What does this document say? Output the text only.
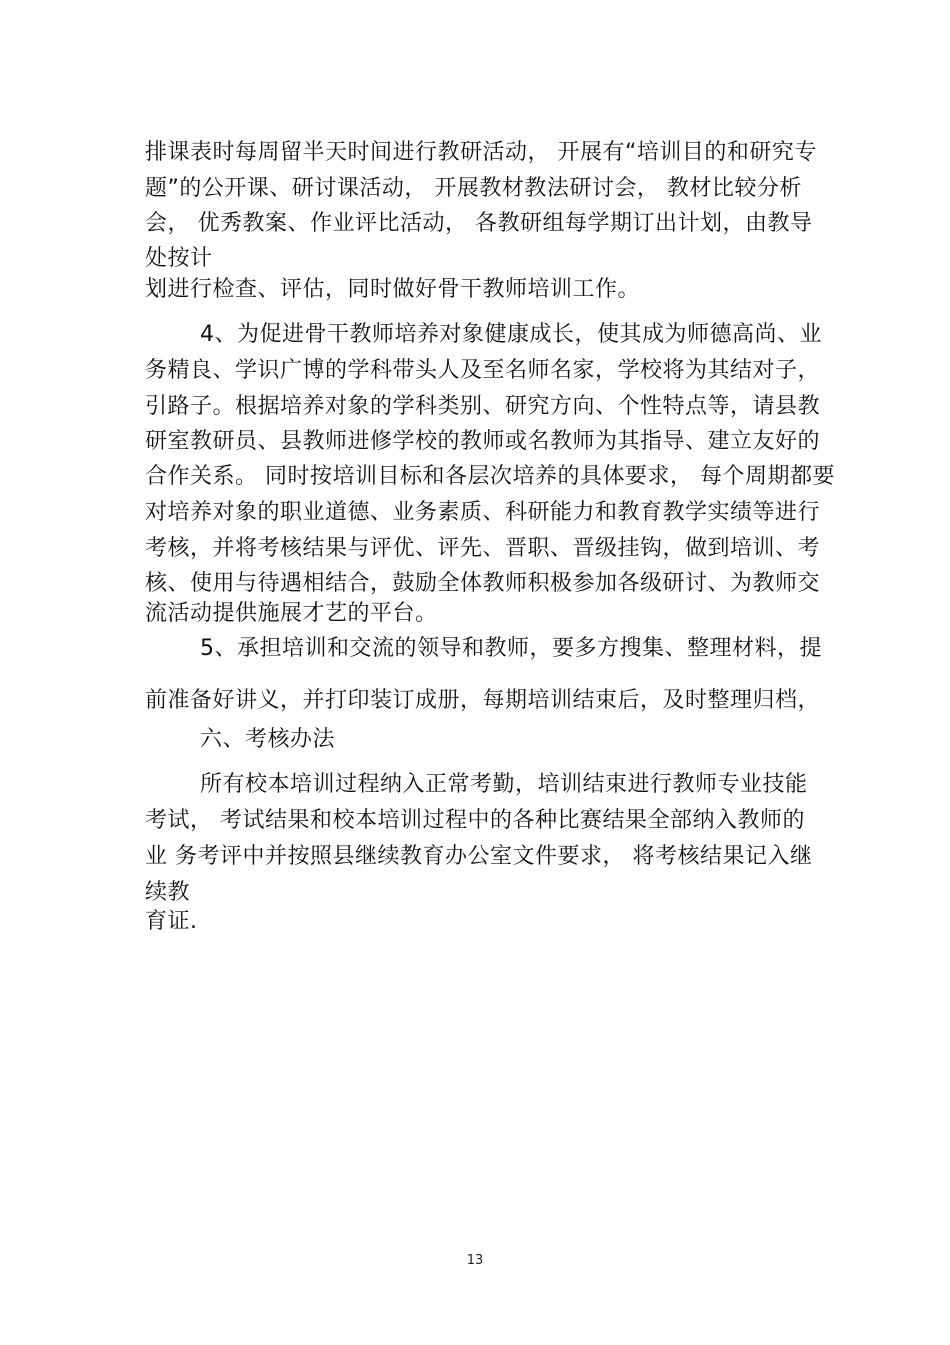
排课表时每周留半天时间进行教研活动， 开展有“培训目的和研究专
题”的公开课、研讨课活动， 开展教材教法研讨会， 教材比较分析
会， 优秀教案、作业评比活动， 各教研组每学期订出计划，由教导
处按计
划进行检查、评估，同时做好骨干教师培训工作。
4、为促进骨干教师培养对象健康成长，使其成为师德高尚、业
务精良、学识广博的学科带头人及至名师名家，学校将为其结对子，
引路子。根据培养对象的学科类别、研究方向、个性特点等，请县教
研室教研员、县教师进修学校的教师或名教师为其指导、建立友好的
合作关系。 同时按培训目标和各层次培养的具体要求， 每个周期都要
对培养对象的职业道德、业务素质、科研能力和教育教学实绩等进行
考核，并将考核结果与评优、评先、晋职、晋级挂钩，做到培训、考
核、使用与待遇相结合，鼓励全体教师积极参加各级研讨、为教师交
流活动提供施展才艺的平台。
5、承担培训和交流的领导和教师，要多方搜集、整理材料，提
前准备好讲义，并打印装订成册，每期培训结束后，及时整理归档，
六、考核办法
所有校本培训过程纳入正常考勤，培训结束进行教师专业技能
考试， 考试结果和校本培训过程中的各种比赛结果全部纳入教师的
业 务考评中并按照县继续教育办公室文件要求， 将考核结果记入继
续教
育证.
13
